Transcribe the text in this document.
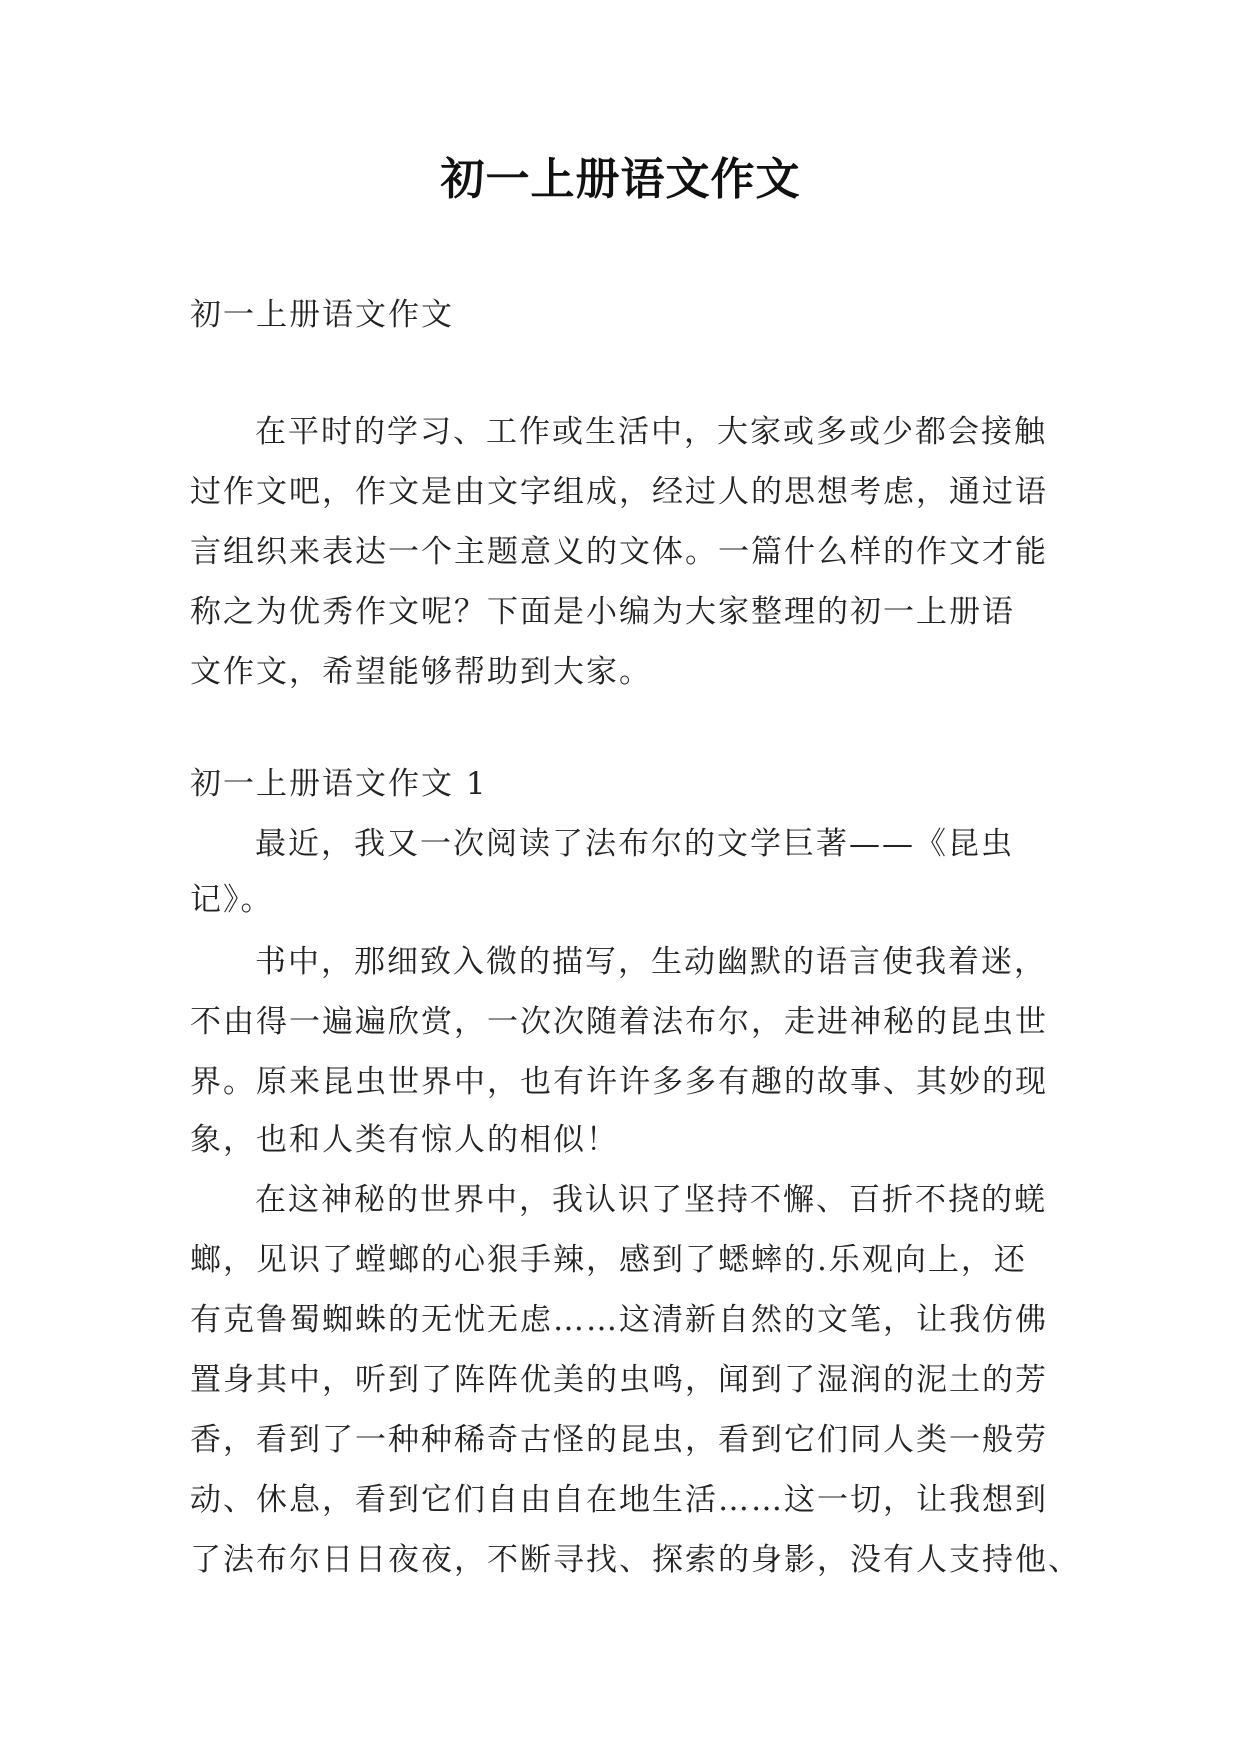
初一上册语文作文
初一上册语文作文
在平时的学习、工作或生活中，大家或多或少都会接触
过作文吧，作文是由文字组成，经过人的思想考虑，通过语
言组织来表达一个主题意义的文体。一篇什么样的作文才能
称之为优秀作文呢？下面是小编为大家整理的初一上册语
文作文，希望能够帮助到大家。
初一上册语文作文 1
最近，我又一次阅读了法布尔的文学巨著——《昆虫
记》。
书中，那细致入微的描写，生动幽默的语言使我着迷，
不由得一遍遍欣赏，一次次随着法布尔，走进神秘的昆虫世
界。原来昆虫世界中，也有许许多多有趣的故事、其妙的现
象，也和人类有惊人的相似！
在这神秘的世界中，我认识了坚持不懈、百折不挠的蜣
螂，见识了螳螂的心狠手辣，感到了蟋蟀的.乐观向上，还
有克鲁蜀蜘蛛的无忧无虑……这清新自然的文笔，让我仿佛
置身其中，听到了阵阵优美的虫鸣，闻到了湿润的泥土的芳
香，看到了一种种稀奇古怪的昆虫，看到它们同人类一般劳
动、休息，看到它们自由自在地生活……这一切，让我想到
了法布尔日日夜夜，不断寻找、探索的身影，没有人支持他、
